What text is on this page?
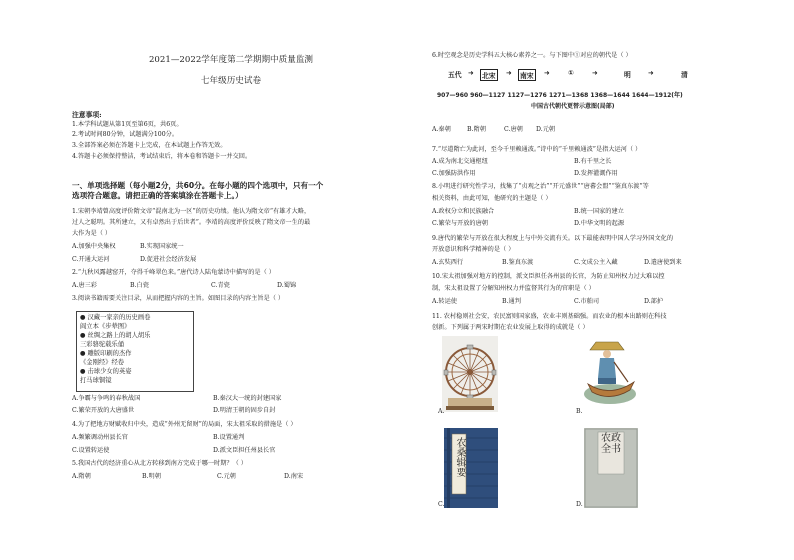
2021—2022学年度第二学期期中质量监测
七年级历史试卷
注意事项:
1.本学科试题从第1页至第6页，共6页。
2.考试时间80分钟，试题满分100分。
3.全部答案必须在答题卡上完成，在本试题上作答无效。
4.答题卡必须保持整洁，考试结束后，将本卷和答题卡一并交回。
一、单项选择题（每小题2分，共60分。在每小题的四个选项中，只有一个
选项符合题意。请把正确的答案填涂在答题卡上。）
1.宋朝李靖曾高度评价隋文帝“混南北为一区”的历史功绩。他认为隋文帝“有雄才大略，
过人之聪明。其所建立，又有卓然出于后世者”。李靖的高度评价反映了隋文帝一生的最
大作为是（ ）
A.加强中央集权	B.实现国家统一
C.开通大运河	D.促进社会经济发展
2.“九秋风露越窑开，夺得千峰翠色来。”唐代诗人陆龟蒙诗中描写的是（ ）
A.唐三彩	B.白瓷	C.青瓷	D.蜀锦
3.阅读书籍需要关注目录，从而把握内容的主旨。如图目录的内容主旨是（ ）
● 汉藏一家亲的历史画卷
阎立本《步辇图》
● 丝绸之路上的胡人胡乐
三彩骆驼载乐俑
● 雕版印刷的杰作
《金刚经》经卷
● 击球少女的英姿
打马球铜镜
A.争霸与争鸣的春秋战国	B.秦汉大一统的封建国家
C.繁荣开放的大唐盛世	D.明清王朝的固步自封
4.为了把地方财赋收归中央，造成“外州无留财”的局面，宋太祖采取的措施是（ ）
A.频繁调动州县长官	B.设置通判
C.设置转运使	D.派文臣担任州县长官
5.我国古代的经济重心从北方转移到南方完成于哪一时期？（ ）
A.隋朝	B.明朝	C.元朝	D.南宋
6.时空观念是历史学科五大核心素养之一。与下图中①对应的朝代是（ ）
五代 ➜ 北宋 ➜ 南宋 ➜	①	➜	明	➜	清
907—960 960—1127 1127—1276 1271—1368 1368—1644 1644—1912(年)
中国古代朝代更替示意图(局部)
A.秦朝	B.隋朝	C.唐朝 D.元朝
7.“尽道隋亡为此河，至今千里赖通波。”诗中的“千里赖通波”是指大运河（ ）
A.成为南北交通枢纽	B.有千里之长
C.加强防洪作用	D.发挥灌溉作用
8.小明进行研究性学习，找集了“贞观之治”“开元盛世”“唐蕃会盟”“鉴真东渡”等
相关资料，由此可知，他研究的主题是（ ）
A.政权分立和民族融合	B.统一国家的建立
C.繁荣与开放的唐朝	D.中华文明的起源
9.唐代的繁荣与开放在很大程度上与中外交流有关。以下最能表明中国人学习外国文化的
开放意识和科学精神的是（ ）
A.玄奘西行	B.鉴真东渡	C.文成公主入藏	D.遣唐使到来
10.宋太祖加强对地方的控制，派文臣担任各州县的长官，为防止知州权力过大难以控
制，宋太祖设置了分解知州权力并监督其行为的官职是（ ）
A.转运使	B.通判	C.市舶司	D.部护
11. 农村稳则社会安，农民富则国家盛，农业丰则基础强。而农业的根本出路则在科技
创新。下列属于两宋时期在农业发展上取得的成就是（ ）
A.	B.
农桑辑要
C.
农政全书
D.
